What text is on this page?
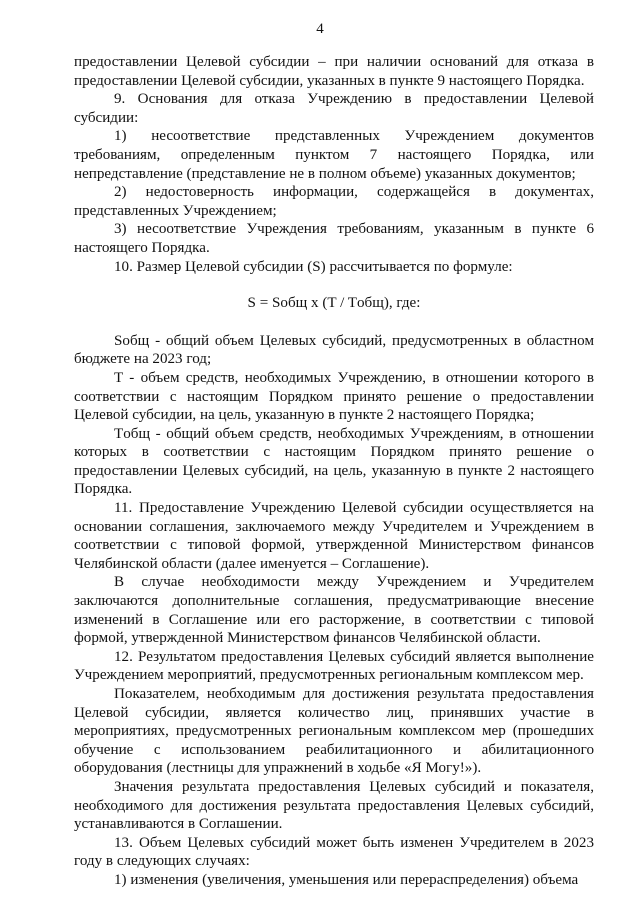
4

предоставлении Целевой субсидии – при наличии оснований для отказа в предоставлении Целевой субсидии, указанных в пункте 9 настоящего Порядка.

9. Основания для отказа Учреждению в предоставлении Целевой субсидии:

1) несоответствие представленных Учреждением документов требованиям, определенным пунктом 7 настоящего Порядка, или непредставление (представление не в полном объеме) указанных документов;

2) недостоверность информации, содержащейся в документах, представленных Учреждением;

3) несоответствие Учреждения требованиям, указанным в пункте 6 настоящего Порядка.

10. Размер Целевой субсидии (S) рассчитывается по формуле:

S = Sобщ x (T / Tобщ), где:

Sобщ - общий объем Целевых субсидий, предусмотренных в областном бюджете на 2023 год;

T - объем средств, необходимых Учреждению, в отношении которого в соответствии с настоящим Порядком принято решение о предоставлении Целевой субсидии, на цель, указанную в пункте 2 настоящего Порядка;

Tобщ - общий объем средств, необходимых Учреждениям, в отношении которых в соответствии с настоящим Порядком принято решение о предоставлении Целевых субсидий, на цель, указанную в пункте 2 настоящего Порядка.

11. Предоставление Учреждению Целевой субсидии осуществляется на основании соглашения, заключаемого между Учредителем и Учреждением в соответствии с типовой формой, утвержденной Министерством финансов Челябинской области (далее именуется – Соглашение).

В случае необходимости между Учреждением и Учредителем заключаются дополнительные соглашения, предусматривающие внесение изменений в Соглашение или его расторжение, в соответствии с типовой формой, утвержденной Министерством финансов Челябинской области.

12. Результатом предоставления Целевых субсидий является выполнение Учреждением мероприятий, предусмотренных региональным комплексом мер.

Показателем, необходимым для достижения результата предоставления Целевой субсидии, является количество лиц, принявших участие в мероприятиях, предусмотренных региональным комплексом мер (прошедших обучение с использованием реабилитационного и абилитационного оборудования (лестницы для упражнений в ходьбе «Я Могу!»).

Значения результата предоставления Целевых субсидий и показателя, необходимого для достижения результата предоставления Целевых субсидий, устанавливаются в Соглашении.

13. Объем Целевых субсидий может быть изменен Учредителем в 2023 году в следующих случаях:

1) изменения (увеличения, уменьшения или перераспределения) объема
